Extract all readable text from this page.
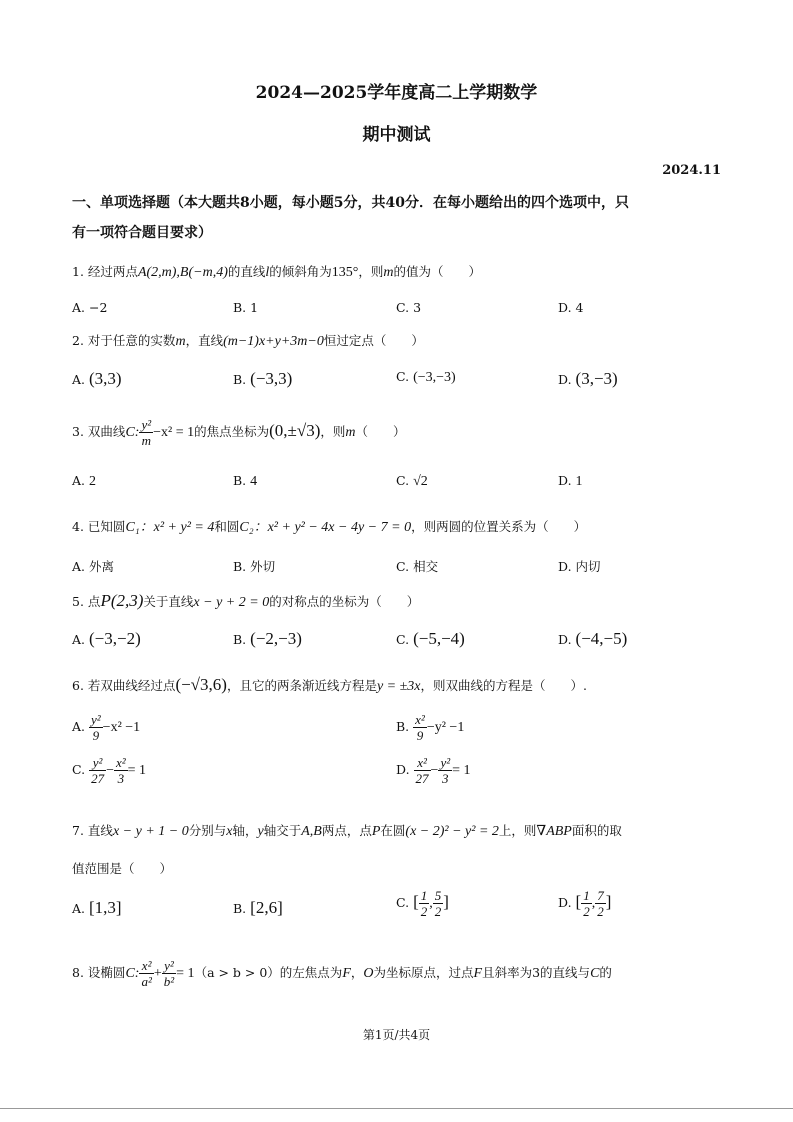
2024—2025学年度高二上学期数学
期中测试
2024.11
一、单项选择题（本大题共8小题，每小题5分，共40分．在每小题给出的四个选项中，只
有一项符合题目要求）
1. 经过两点A(2,m),B(−m,4)的直线l的倾斜角为135°，则m的值为（　　）
A. −2	B. 1	C. 3	D. 4
2. 对于任意的实数m，直线(m−1)x+y+3m−0恒过定点（　　）
A. (3,3)	B. (−3,3)	C. (−3,−3)	D. (3,−3)
3. 双曲线C: $\frac{\text{y²}}{m} -x^2 = 1$的焦点坐标为(0,±√3)，则m（　　）
A. 2	B. 4	C. √2	D. 1
4. 已知圆C₁：x² + y² = 4和圆C₂：x² + y² − 4x − 4y − 7 = 0，则两圆的位置关系为（　　）
A. 外离	B. 外切	C. 相交	D. 内切
5. 点P(2,3)关于直线x − y + 2 = 0的对称点的坐标为（　　）
A. (−3,−2)	B. (−2,−3)	C. (−5,−4)	D. (−4,−5)
6. 若双曲线经过点(−√3,6)，且它的两条渐近线方程是y = ±3x，则双曲线的方程是（　　）.
A. $\frac{\text{y²}}{9} -x^2 -1$	B. $\frac{\text{x²}}{9} -y^2 -1$
C. $\frac{\text{y²}}{27} - \frac{\text{x²}}{3} = 1$	D. $\frac{\text{x²}}{27} - \frac{\text{y²}}{3} = 1$
7. 直线x − y + 1 − 0分别与x轴，y轴交于A,B两点，点P在圆(x − 2)² − y² = 2上，则∇ABP面积的取
值范围是（　　）
A. [1,3]	B. [2,6]	C. [ $\frac{1}{2}$ , $\frac{5}{2}$ ]	D. [ $\frac{1}{2}$ , $\frac{7}{2}$ ]
8. 设椭圆C: $\frac{\text{x²}}{\text{a²}} + \frac{\text{y²}}{\text{b²}} = 1(a > b > 0)$的左焦点为F，O为坐标原点，过点F且斜率为3的直线与C的
第1页/共4页
